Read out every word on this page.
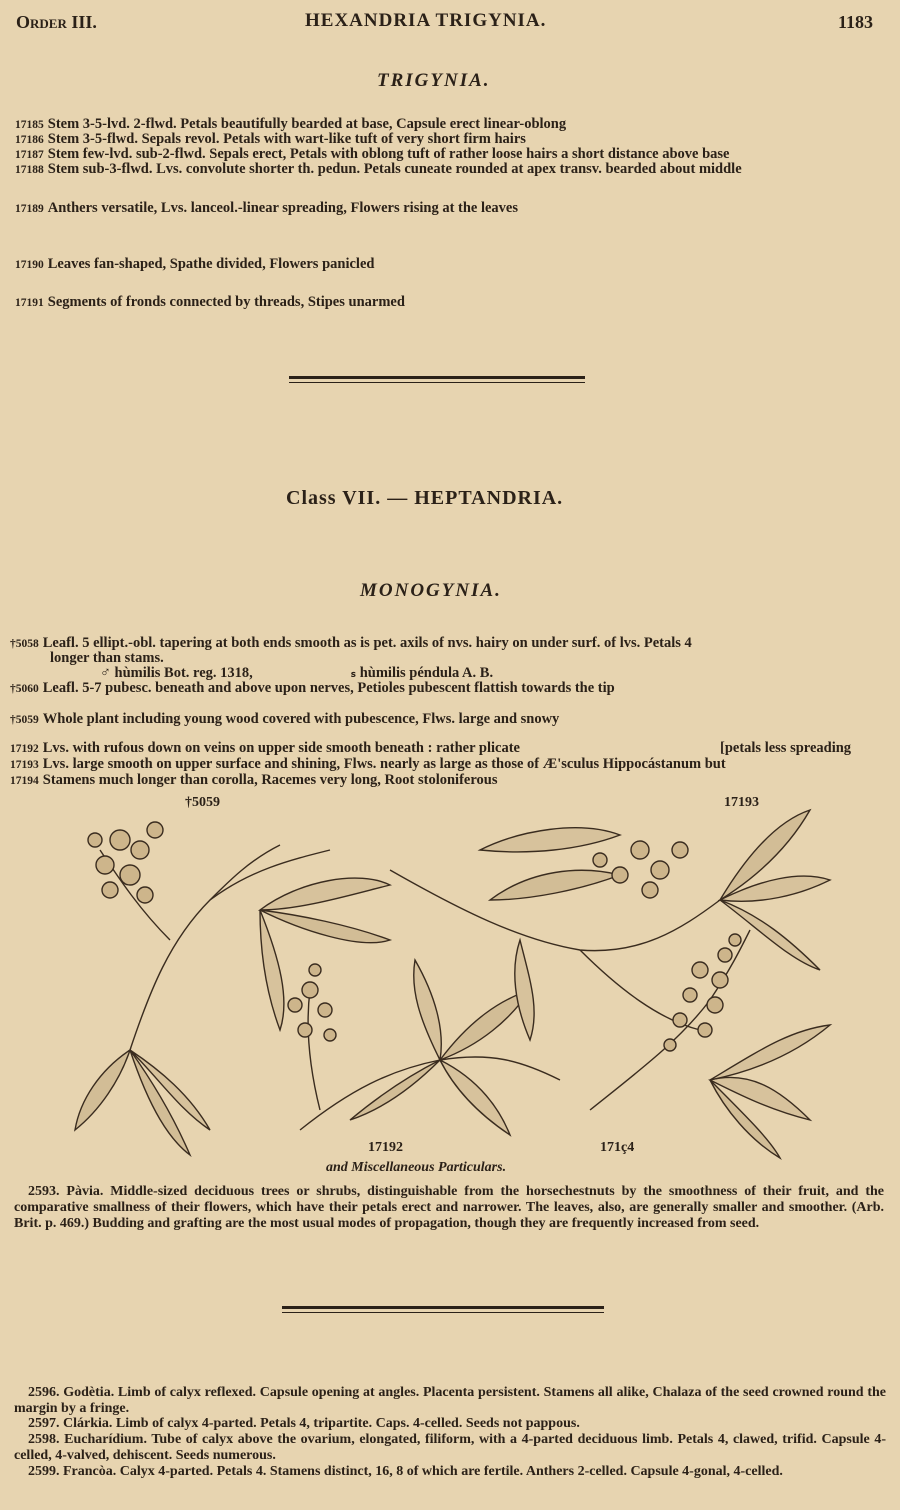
Order III.	HEXANDRIA TRIGYNIA.	1183
TRIGYNIA.
17185 Stem 3-5-lvd. 2-flwd. Petals beautifully bearded at base, Capsule erect linear-oblong
17186 Stem 3-5-flwd. Sepals revol. Petals with wart-like tuft of very short firm hairs
17187 Stem few-lvd. sub-2-flwd. Sepals erect, Petals with oblong tuft of rather loose hairs a short distance above base
17188 Stem sub-3-flwd. Lvs. convolute shorter th. pedun. Petals cuneate rounded at apex transv. bearded about middle
17189 Anthers versatile, Lvs. lanceol.-linear spreading, Flowers rising at the leaves
17190 Leaves fan-shaped, Spathe divided, Flowers panicled
17191 Segments of fronds connected by threads, Stipes unarmed
Class VII. — HEPTANDRIA.
MONOGYNIA.
†5058 Leafl. 5 ellipt.-obl. tapering at both ends smooth as is pet. axils of nvs. hairy on under surf. of lvs. Petals 4
longer than stams.
♂ hùmilis Bot. reg. 1318,                           ₛ hùmilis péndula A. B.
†5060 Leafl. 5-7 pubesc. beneath and above upon nerves, Petioles pubescent flattish towards the tip
†5059 Whole plant including young wood covered with pubescence, Flws. large and snowy
17192 Lvs. with rufous down on veins on upper side smooth beneath : rather plicate	[petals less spreading
17193 Lvs. large smooth on upper surface and shining, Flws. nearly as large as those of Æ'sculus Hippocástanum but
17194 Stamens much longer than corolla, Racemes very long, Root stoloniferous
†5059	17193
17192	171ç4
and Miscellaneous Particulars.
2593. Pàvia. Middle-sized deciduous trees or shrubs, distinguishable from the horsechestnuts by the smoothness of their fruit, and the comparative smallness of their flowers, which have their petals erect and narrower. The leaves, also, are generally smaller and smoother. (Arb. Brit. p. 469.) Budding and grafting are the most usual modes of propagation, though they are frequently increased from seed.
2596. Godètia. Limb of calyx reflexed. Capsule opening at angles. Placenta persistent. Stamens all alike, Chalaza of the seed crowned round the margin by a fringe.
2597. Clárkia. Limb of calyx 4-parted. Petals 4, tripartite. Caps. 4-celled. Seeds not pappous.
2598. Eucharídium. Tube of calyx above the ovarium, elongated, filiform, with a 4-parted deciduous limb. Petals 4, clawed, trifid. Capsule 4-celled, 4-valved, dehiscent. Seeds numerous.
2599. Francòa. Calyx 4-parted. Petals 4. Stamens distinct, 16, 8 of which are fertile. Anthers 2-celled. Capsule 4-gonal, 4-celled.
